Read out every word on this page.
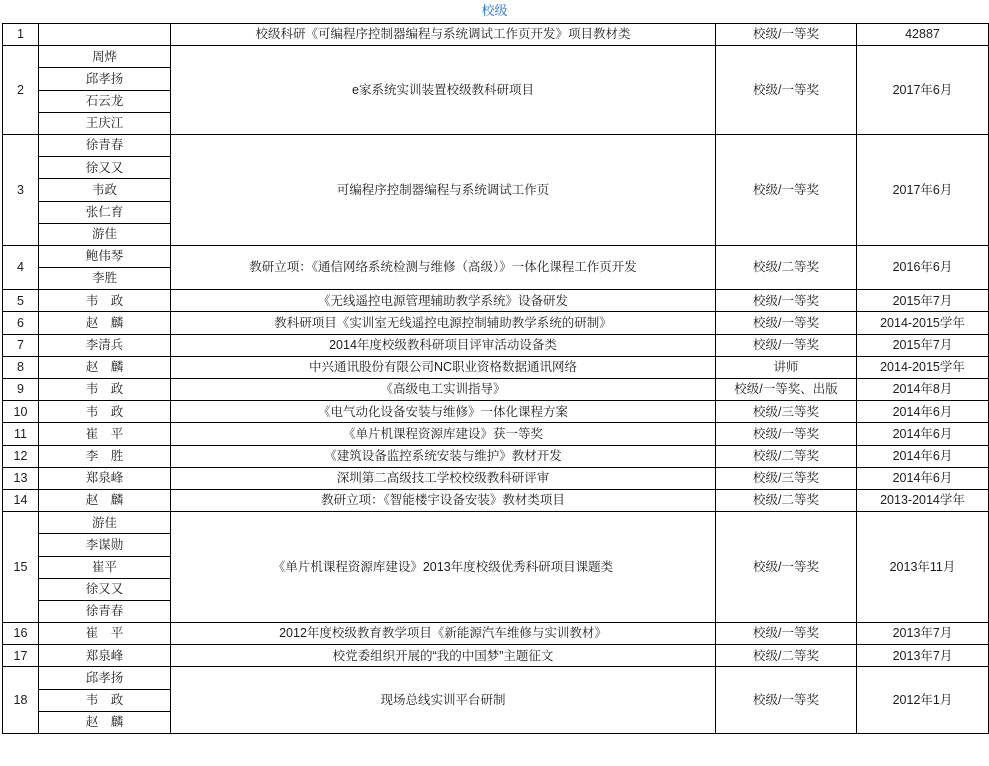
校级
1		校级科研《可编程序控制器编程与系统调试工作页开发》项目教材类	校级/一等奖	42887
2	周烨	e家系统实训装置校级教科研项目	校级/一等奖	2017年6月
	邱孝扬			
	石云龙			
	王庆江			
3	徐青春	可编程序控制器编程与系统调试工作页	校级/一等奖	2017年6月
	徐又又			
	韦政			
	张仁育			
	游佳			
4	鲍伟琴	教研立项：《通信网络系统检测与维修（高级）》一体化课程工作页开发	校级/二等奖	2016年6月
	李胜			
5	韦　政	《无线遥控电源管理辅助教学系统》设备研发	校级/一等奖	2015年7月
6	赵　麟	教科研项目《实训室无线遥控电源控制辅助教学系统的研制》	校级/一等奖	2014-2015学年
7	李清兵	2014年度校级教科研项目评审活动设备类	校级/一等奖	2015年7月
8	赵　麟	中兴通讯股份有限公司NC职业资格数据通讯网络	讲师	2014-2015学年
9	韦　政	《高级电工实训指导》	校级/一等奖、出版	2014年8月
10	韦　政	《电气动化设备安装与维修》一体化课程方案	校级/三等奖	2014年6月
11	崔　平	《单片机课程资源库建设》获一等奖	校级/一等奖	2014年6月
12	李　胜	《建筑设备监控系统安装与维护》教材开发	校级/二等奖	2014年6月
13	郑泉峰	深圳第二高级技工学校校级教科研评审	校级/三等奖	2014年6月
14	赵　麟	教研立项：《智能楼宇设备安装》教材类项目	校级/二等奖	2013-2014学年
15	游佳	《单片机课程资源库建设》2013年度校级优秀科研项目课题类	校级/一等奖	2013年11月
	李谋勋			
	崔平			
	徐又又			
	徐青春			
16	崔　平	2012年度校级教育教学项目《新能源汽车维修与实训教材》	校级/一等奖	2013年7月
17	郑泉峰	校党委组织开展的“我的中国梦”主题征文	校级/二等奖	2013年7月
18	邱孝扬	现场总线实训平台研制	校级/一等奖	2012年1月
	韦　政			
	赵　麟			
